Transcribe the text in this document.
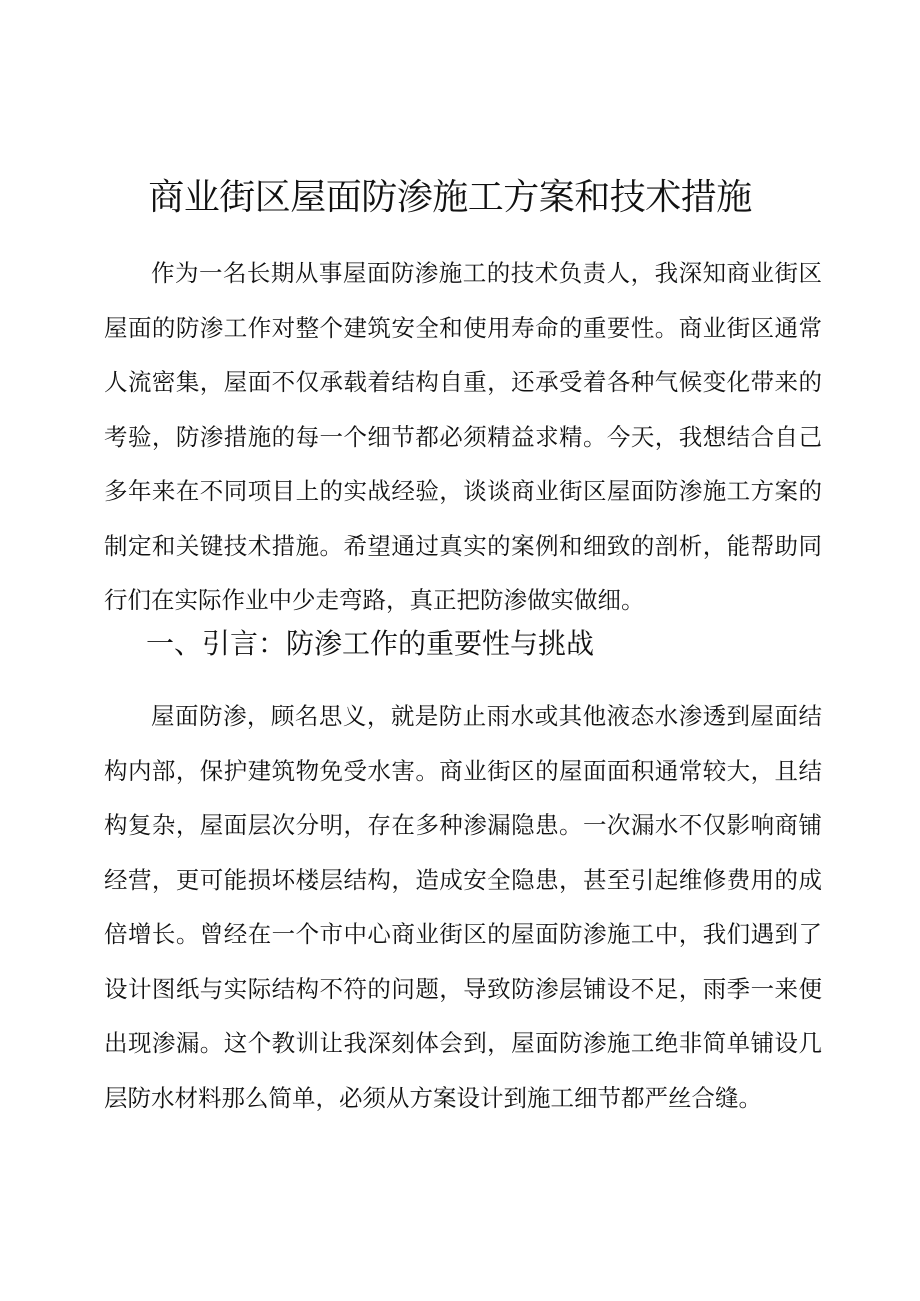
商业街区屋面防渗施工方案和技术措施

作为一名长期从事屋面防渗施工的技术负责人，我深知商业街区屋面的防渗工作对整个建筑安全和使用寿命的重要性。商业街区通常人流密集，屋面不仅承载着结构自重，还承受着各种气候变化带来的考验，防渗措施的每一个细节都必须精益求精。今天，我想结合自己多年来在不同项目上的实战经验，谈谈商业街区屋面防渗施工方案的制定和关键技术措施。希望通过真实的案例和细致的剖析，能帮助同行们在实际作业中少走弯路，真正把防渗做实做细。

一、引言：防渗工作的重要性与挑战

屋面防渗，顾名思义，就是防止雨水或其他液态水渗透到屋面结构内部，保护建筑物免受水害。商业街区的屋面面积通常较大，且结构复杂，屋面层次分明，存在多种渗漏隐患。一次漏水不仅影响商铺经营，更可能损坏楼层结构，造成安全隐患，甚至引起维修费用的成倍增长。曾经在一个市中心商业街区的屋面防渗施工中，我们遇到了设计图纸与实际结构不符的问题，导致防渗层铺设不足，雨季一来便出现渗漏。这个教训让我深刻体会到，屋面防渗施工绝非简单铺设几层防水材料那么简单，必须从方案设计到施工细节都严丝合缝。
